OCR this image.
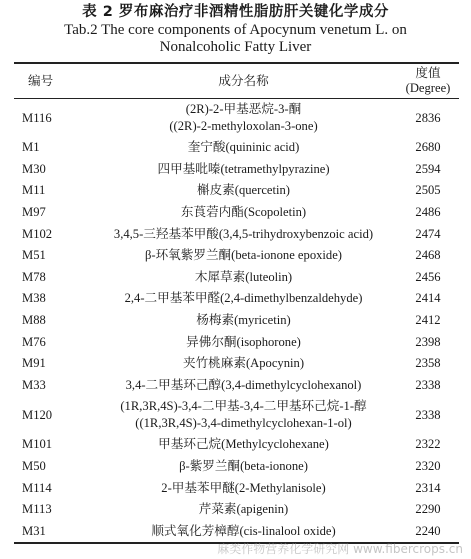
表 2 罗布麻治疗非酒精性脂肪肝关键化学成分
Tab.2 The core components of Apocynum venetum L. on
Nonalcoholic Fatty Liver
编号	成分名称	度值
(Degree)

M116	(2R)-2-甲基恶烷-3-酮
((2R)-2-methyloxolan-3-one)	2836
M1	奎宁酸(quininic acid)	2680
M30	四甲基吡嗪(tetramethylpyrazine)	2594
M11	槲皮素(quercetin)	2505
M97	东莨菪内酯(Scopoletin)	2486
M102	3,4,5-三羟基苯甲酸(3,4,5-trihydroxybenzoic acid)	2474
M51	β-环氧紫罗兰酮(beta-ionone epoxide)	2468
M78	木犀草素(luteolin)	2456
M38	2,4-二甲基苯甲醛(2,4-dimethylbenzaldehyde)	2414
M88	杨梅素(myricetin)	2412
M76	异佛尔酮(isophorone)	2398
M91	夹竹桃麻素(Apocynin)	2358
M33	3,4-二甲基环己醇(3,4-dimethylcyclohexanol)	2338
M120	(1R,3R,4S)-3,4-二甲基-3,4-二甲基环己烷-1-醇
((1R,3R,4S)-3,4-dimethylcyclohexan-1-ol)	2338
M101	甲基环己烷(Methylcyclohexane)	2322
M50	β-紫罗兰酮(beta-ionone)	2320
M114	2-甲基苯甲醚(2-Methylanisole)	2314
M113	芹菜素(apigenin)	2290
M31	顺式氧化芳樟醇(cis-linalool oxide)	2240
麻类作物营养化学研究网 www.fibercrops.cn
